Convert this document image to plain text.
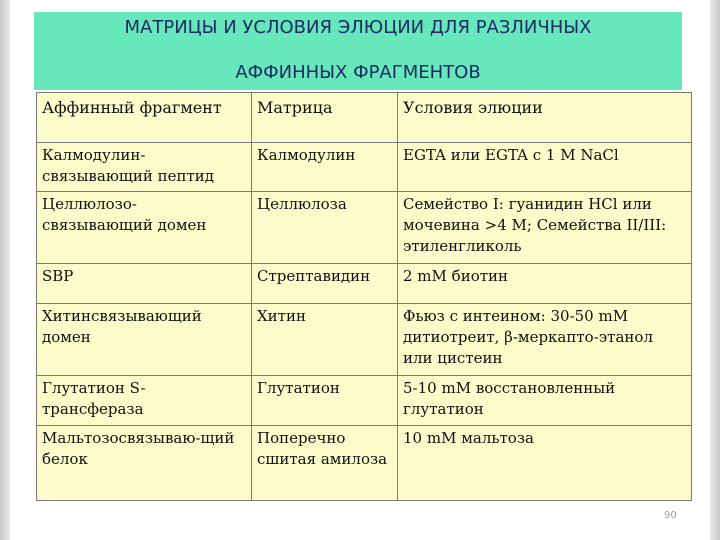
МАТРИЦЫ И УСЛОВИЯ ЭЛЮЦИИ ДЛЯ РАЗЛИЧНЫХ
АФФИННЫХ ФРАГМЕНТОВ
Аффинный фрагмент	Матрица	Условия элюции
Калмодулин-связывающий пептид	Калмодулин	EGTA или EGTA с 1 M NaCl
Целлюлозо-связывающий домен	Целлюлоза	Семейство I: гуанидин HCl или мочевина >4 M; Семейства II/III: этиленгликоль
SBP	Стрептавидин	2 mM биотин
Хитинсвязывающий домен	Хитин	Фьюз с интеином: 30-50 mM дитиотреит, β-меркапто-этанол или цистеин
Глутатион S-трансфераза	Глутатион	5-10 mM восстановленный глутатион
Мальтозосвязываю-щий белок	Поперечно сшитая амилоза	10 mM мальтоза
90
